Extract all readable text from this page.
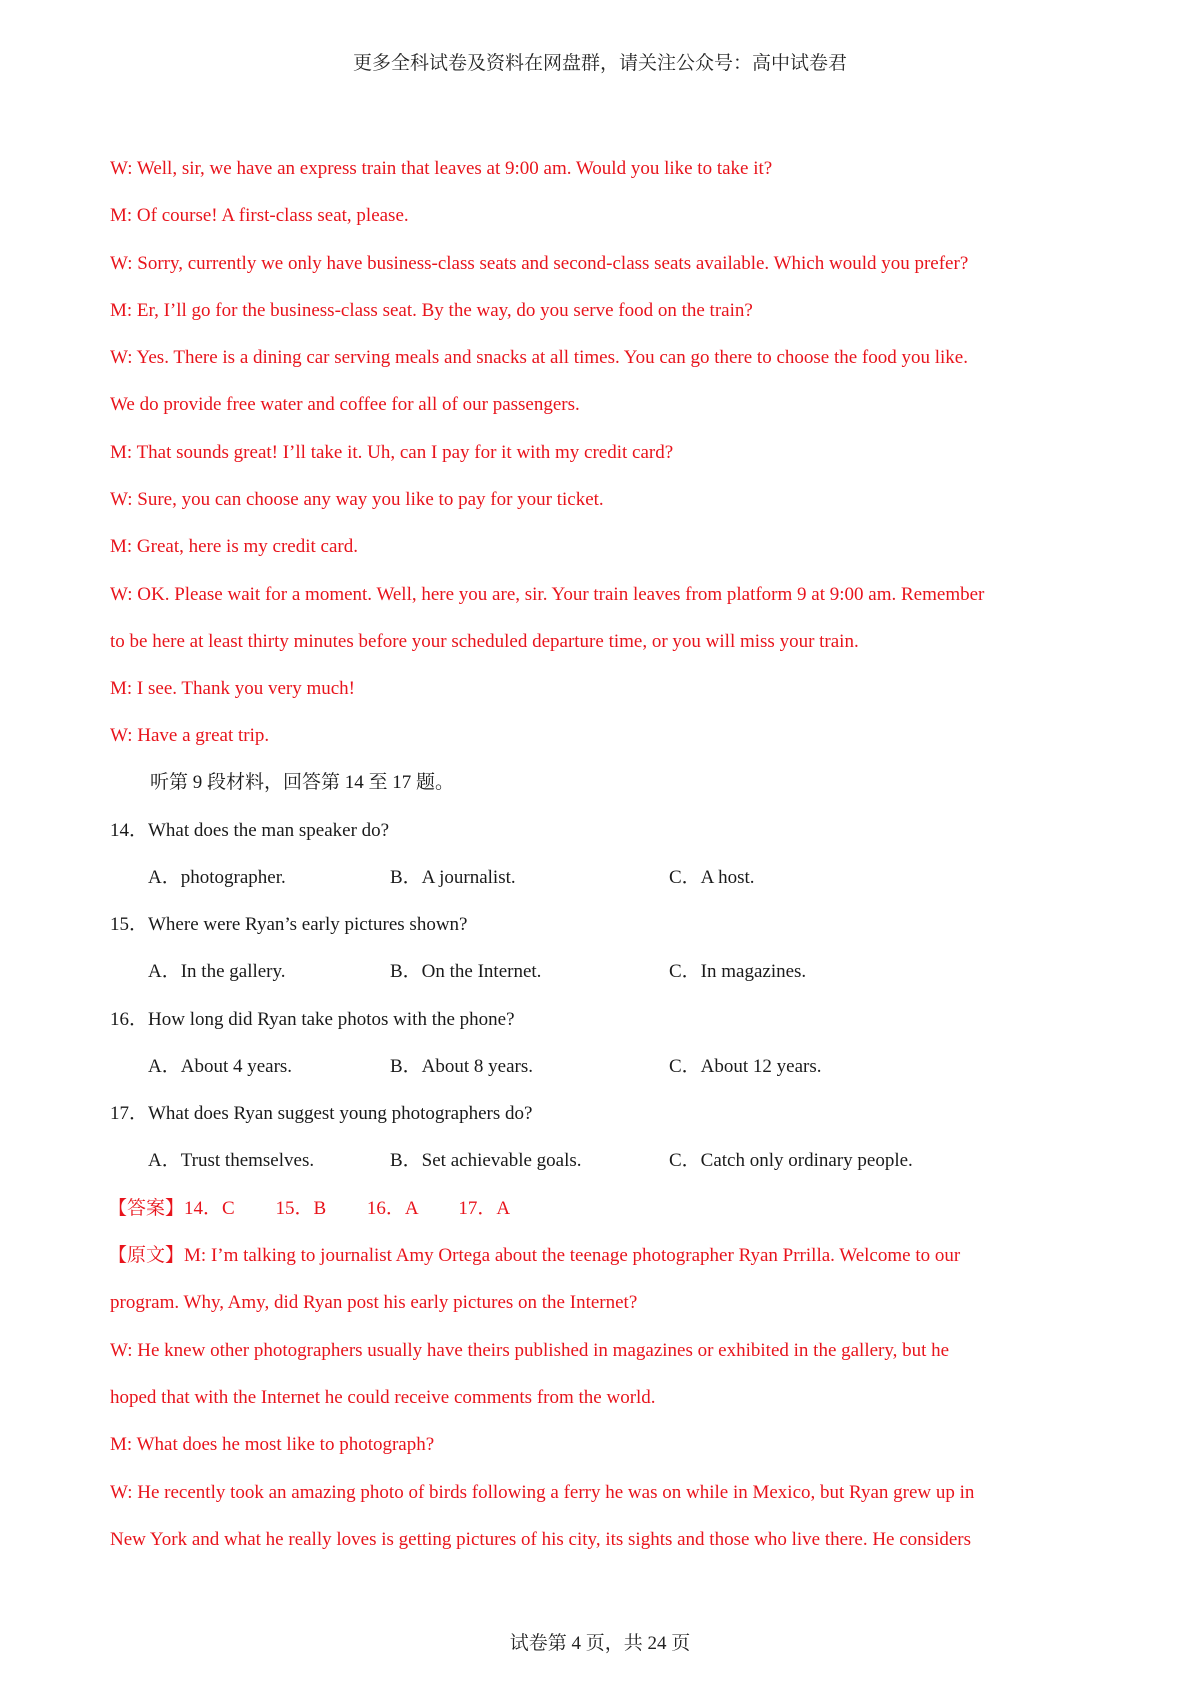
更多全科试卷及资料在网盘群，请关注公众号：高中试卷君
W: Well, sir, we have an express train that leaves at 9:00 am. Would you like to take it?
M: Of course! A first-class seat, please.
W: Sorry, currently we only have business-class seats and second-class seats available. Which would you prefer?
M: Er, I’ll go for the business-class seat. By the way, do you serve food on the train?
W: Yes. There is a dining car serving meals and snacks at all times. You can go there to choose the food you like.
We do provide free water and coffee for all of our passengers.
M: That sounds great! I’ll take it. Uh, can I pay for it with my credit card?
W: Sure, you can choose any way you like to pay for your ticket.
M: Great, here is my credit card.
W: OK. Please wait for a moment. Well, here you are, sir. Your train leaves from platform 9 at 9:00 am. Remember
to be here at least thirty minutes before your scheduled departure time, or you will miss your train.
M: I see. Thank you very much!
W: Have a great trip.
听第 9 段材料，回答第 14 至 17 题。
14．What does the man speaker do?
A．photographer.	B．A journalist.	C．A host.
15．Where were Ryan’s early pictures shown?
A．In the gallery.	B．On the Internet.	C．In magazines.
16．How long did Ryan take photos with the phone?
A．About 4 years.	B．About 8 years.	C．About 12 years.
17．What does Ryan suggest young photographers do?
A．Trust themselves.	B．Set achievable goals.	C．Catch only ordinary people.
【答案】14．C 15．B 16．A 17．A
【原文】M: I’m talking to journalist Amy Ortega about the teenage photographer Ryan Prrilla. Welcome to our
program. Why, Amy, did Ryan post his early pictures on the Internet?
W: He knew other photographers usually have theirs published in magazines or exhibited in the gallery, but he
hoped that with the Internet he could receive comments from the world.
M: What does he most like to photograph?
W: He recently took an amazing photo of birds following a ferry he was on while in Mexico, but Ryan grew up in
New York and what he really loves is getting pictures of his city, its sights and those who live there. He considers
试卷第 4 页，共 24 页
